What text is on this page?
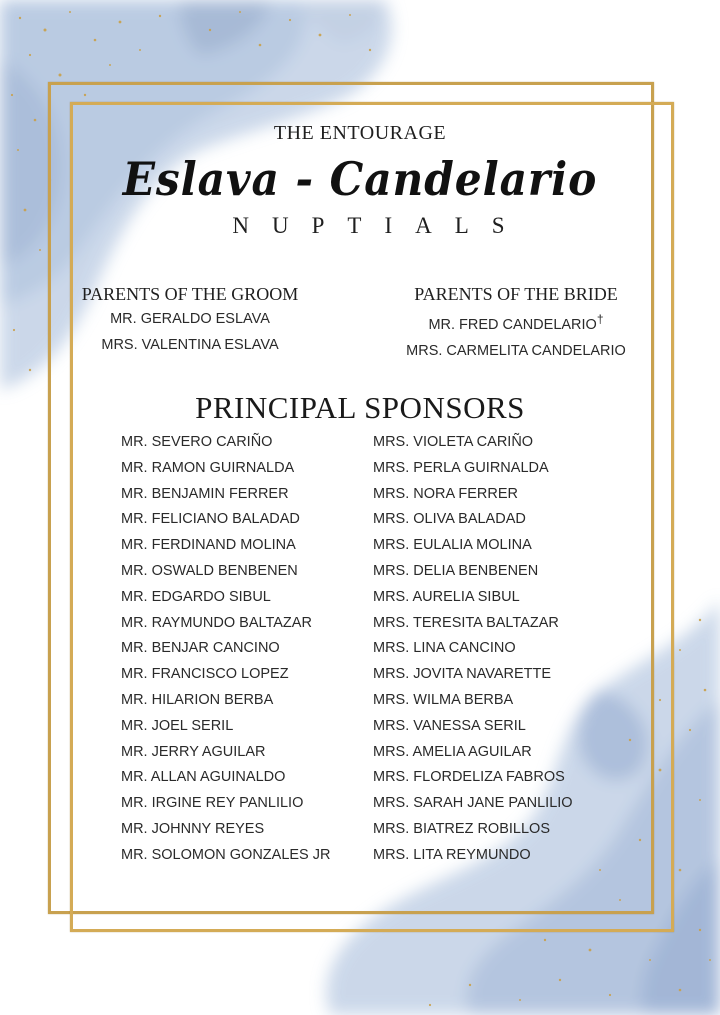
THE ENTOURAGE
Eslava - Candelario
NUPTIALS
PARENTS OF THE GROOM
MR. GERALDO ESLAVA
MRS. VALENTINA ESLAVA
PARENTS OF THE BRIDE
MR. FRED CANDELARIO†
MRS. CARMELITA CANDELARIO
PRINCIPAL SPONSORS
MR. SEVERO CARIÑO
MR. RAMON GUIRNALDA
MR. BENJAMIN FERRER
MR. FELICIANO BALADAD
MR. FERDINAND MOLINA
MR. OSWALD BENBENEN
MR. EDGARDO SIBUL
MR. RAYMUNDO BALTAZAR
MR. BENJAR CANCINO
MR. FRANCISCO LOPEZ
MR. HILARION BERBA
MR. JOEL SERIL
MR. JERRY AGUILAR
MR. ALLAN AGUINALDO
MR. IRGINE REY PANLILIO
MR. JOHNNY REYES
MR. SOLOMON GONZALES JR
MRS. VIOLETA CARIÑO
MRS. PERLA GUIRNALDA
MRS. NORA FERRER
MRS. OLIVA BALADAD
MRS. EULALIA MOLINA
MRS. DELIA BENBENEN
MRS. AURELIA SIBUL
MRS. TERESITA BALTAZAR
MRS. LINA CANCINO
MRS. JOVITA NAVARETTE
MRS. WILMA BERBA
MRS. VANESSA SERIL
MRS. AMELIA AGUILAR
MRS. FLORDELIZA FABROS
MRS. SARAH JANE PANLILIO
MRS. BIATREZ ROBILLOS
MRS. LITA REYMUNDO
